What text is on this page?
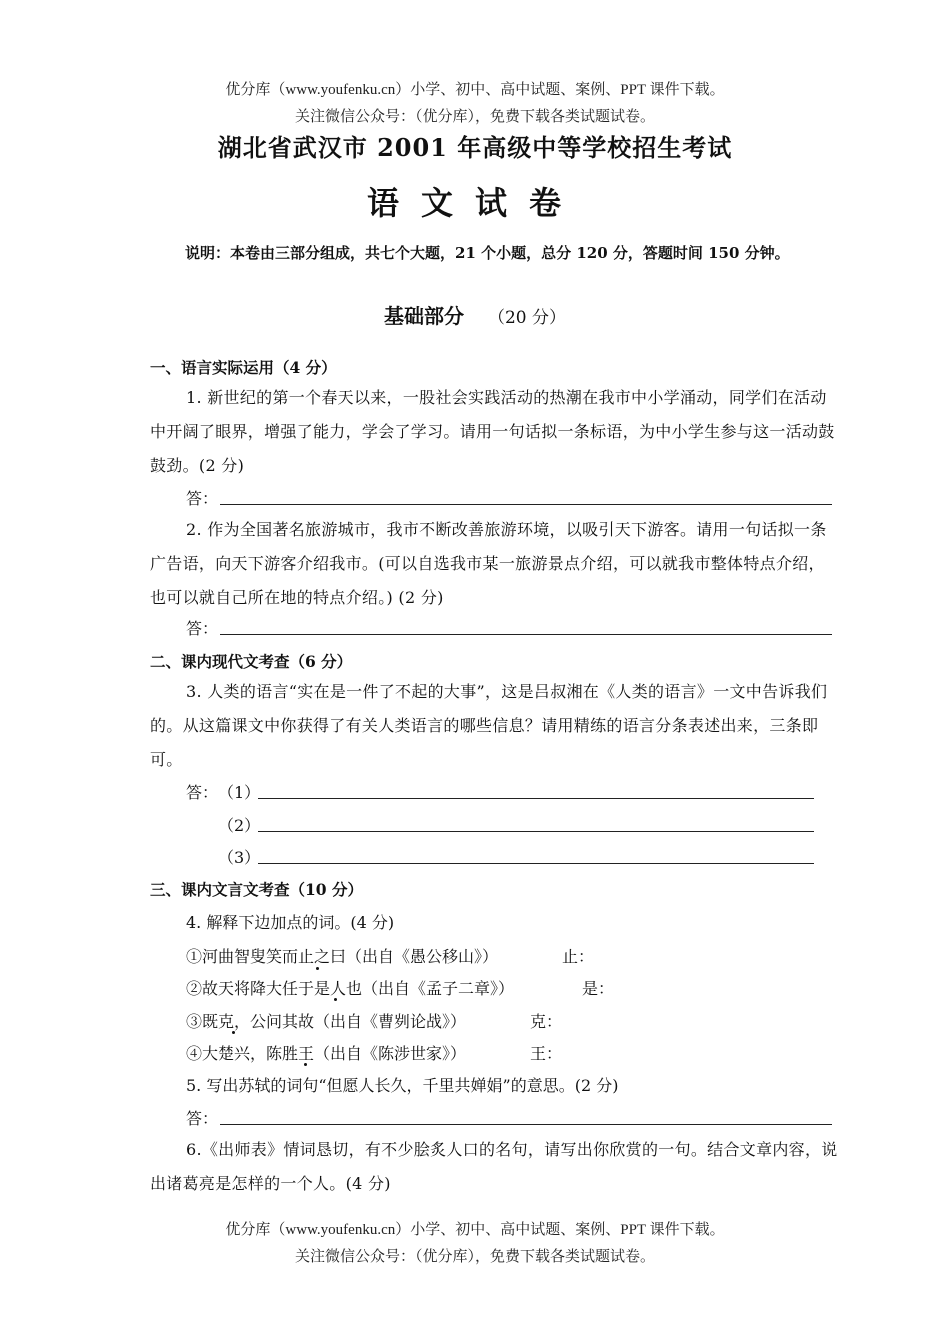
优分库（www.youfenku.cn）小学、初中、高中试题、案例、PPT 课件下载。
关注微信公众号：（优分库），免费下载各类试题试卷。
湖北省武汉市 2001 年高级中等学校招生考试
语文试卷
说明：本卷由三部分组成，共七个大题，21 个小题，总分 120 分，答题时间 150 分钟。
基础部分 （20 分）
一、语言实际运用（4 分）
1. 新世纪的第一个春天以来，一股社会实践活动的热潮在我市中小学涌动，同学们在活动中开阔了眼界，增强了能力，学会了学习。请用一句话拟一条标语，为中小学生参与这一活动鼓鼓劲。(2 分)
答：
2. 作为全国著名旅游城市，我市不断改善旅游环境，以吸引天下游客。请用一句话拟一条广告语，向天下游客介绍我市。(可以自选我市某一旅游景点介绍，可以就我市整体特点介绍，也可以就自己所在地的特点介绍。) (2 分)
答：
二、课内现代文考查（6 分）
3. 人类的语言“实在是一件了不起的大事”，这是吕叔湘在《人类的语言》一文中告诉我们的。从这篇课文中你获得了有关人类语言的哪些信息？请用精练的语言分条表述出来，三条即可。
答： （1）
（2）
（3）
三、课内文言文考查（10 分）
4. 解释下边加点的词。(4 分)
①河曲智叟笑而止之曰（出自《愚公移山》）	止：
②故天将降大任于是人也（出自《孟子二章》）	是：
③既克，公问其故（出自《曹刿论战》）	克：
④大楚兴，陈胜王（出自《陈涉世家》）	王：
5. 写出苏轼的词句“但愿人长久，千里共婵娟”的意思。(2 分)
答：
6.《出师表》情词恳切，有不少脍炙人口的名句，请写出你欣赏的一句。结合文章内容，说出诸葛亮是怎样的一个人。(4 分)
优分库（www.youfenku.cn）小学、初中、高中试题、案例、PPT 课件下载。
关注微信公众号：（优分库），免费下载各类试题试卷。
